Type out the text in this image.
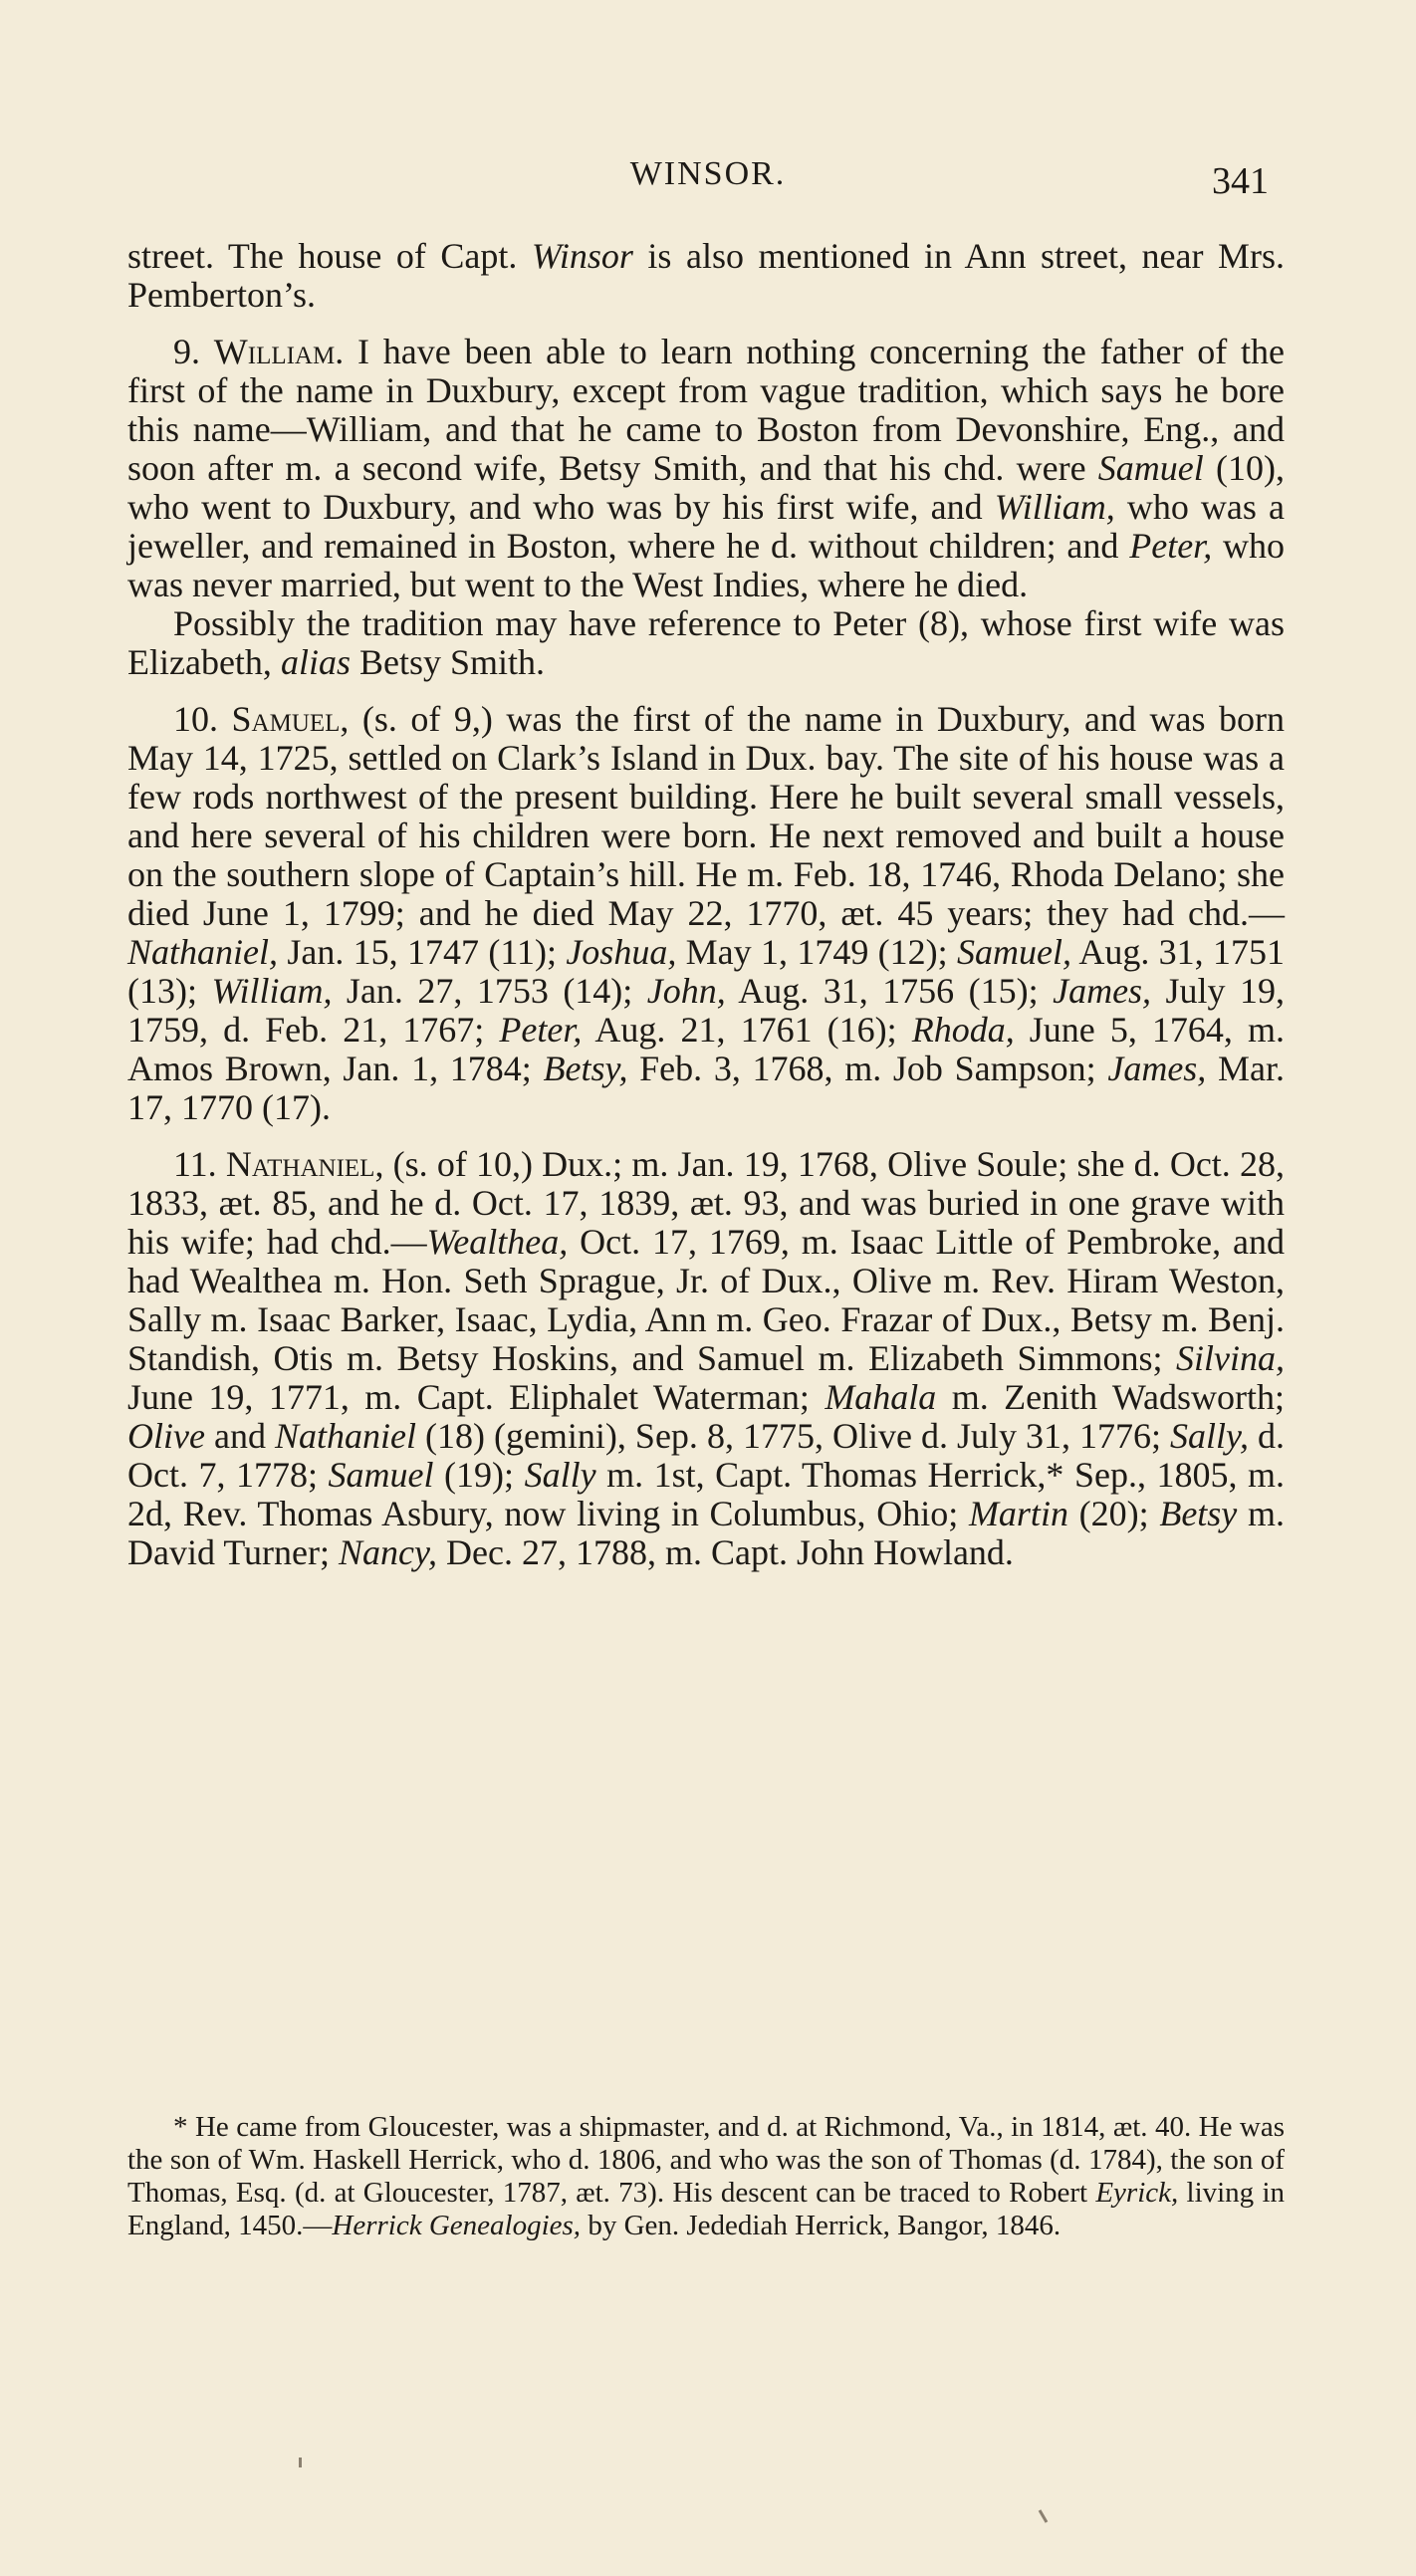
WINSOR.	341

street. The house of Capt. Winsor is also mentioned in Ann street, near Mrs. Pemberton’s.

9. William. I have been able to learn nothing concerning the father of the first of the name in Duxbury, except from vague tradition, which says he bore this name—William, and that he came to Boston from Devonshire, Eng., and soon after m. a second wife, Betsy Smith, and that his chd. were Samuel (10), who went to Duxbury, and who was by his first wife, and William, who was a jeweller, and remained in Boston, where he d. without children; and Peter, who was never married, but went to the West Indies, where he died.

Possibly the tradition may have reference to Peter (8), whose first wife was Elizabeth, alias Betsy Smith.

10. Samuel, (s. of 9,) was the first of the name in Duxbury, and was born May 14, 1725, settled on Clark’s Island in Dux. bay. The site of his house was a few rods northwest of the present building. Here he built several small vessels, and here several of his children were born. He next removed and built a house on the southern slope of Captain’s hill. He m. Feb. 18, 1746, Rhoda Delano; she died June 1, 1799; and he died May 22, 1770, æt. 45 years; they had chd.—Nathaniel, Jan. 15, 1747 (11); Joshua, May 1, 1749 (12); Samuel, Aug. 31, 1751 (13); William, Jan. 27, 1753 (14); John, Aug. 31, 1756 (15); James, July 19, 1759, d. Feb. 21, 1767; Peter, Aug. 21, 1761 (16); Rhoda, June 5, 1764, m. Amos Brown, Jan. 1, 1784; Betsy, Feb. 3, 1768, m. Job Sampson; James, Mar. 17, 1770 (17).

11. Nathaniel, (s. of 10,) Dux.; m. Jan. 19, 1768, Olive Soule; she d. Oct. 28, 1833, æt. 85, and he d. Oct. 17, 1839, æt. 93, and was buried in one grave with his wife; had chd.—Wealthea, Oct. 17, 1769, m. Isaac Little of Pembroke, and had Wealthea m. Hon. Seth Sprague, Jr. of Dux., Olive m. Rev. Hiram Weston, Sally m. Isaac Barker, Isaac, Lydia, Ann m. Geo. Frazar of Dux., Betsy m. Benj. Standish, Otis m. Betsy Hoskins, and Samuel m. Elizabeth Simmons; Silvina, June 19, 1771, m. Capt. Eliphalet Waterman; Mahala m. Zenith Wadsworth; Olive and Nathaniel (18) (gemini), Sep. 8, 1775, Olive d. July 31, 1776; Sally, d. Oct. 7, 1778; Samuel (19); Sally m. 1st, Capt. Thomas Herrick,* Sep., 1805, m. 2d, Rev. Thomas Asbury, now living in Columbus, Ohio; Martin (20); Betsy m. David Turner; Nancy, Dec. 27, 1788, m. Capt. John Howland.

* He came from Gloucester, was a shipmaster, and d. at Richmond, Va., in 1814, æt. 40. He was the son of Wm. Haskell Herrick, who d. 1806, and who was the son of Thomas (d. 1784), the son of Thomas, Esq. (d. at Gloucester, 1787, æt. 73). His descent can be traced to Robert Eyrick, living in England, 1450.—Herrick Genealogies, by Gen. Jedediah Herrick, Bangor, 1846.
